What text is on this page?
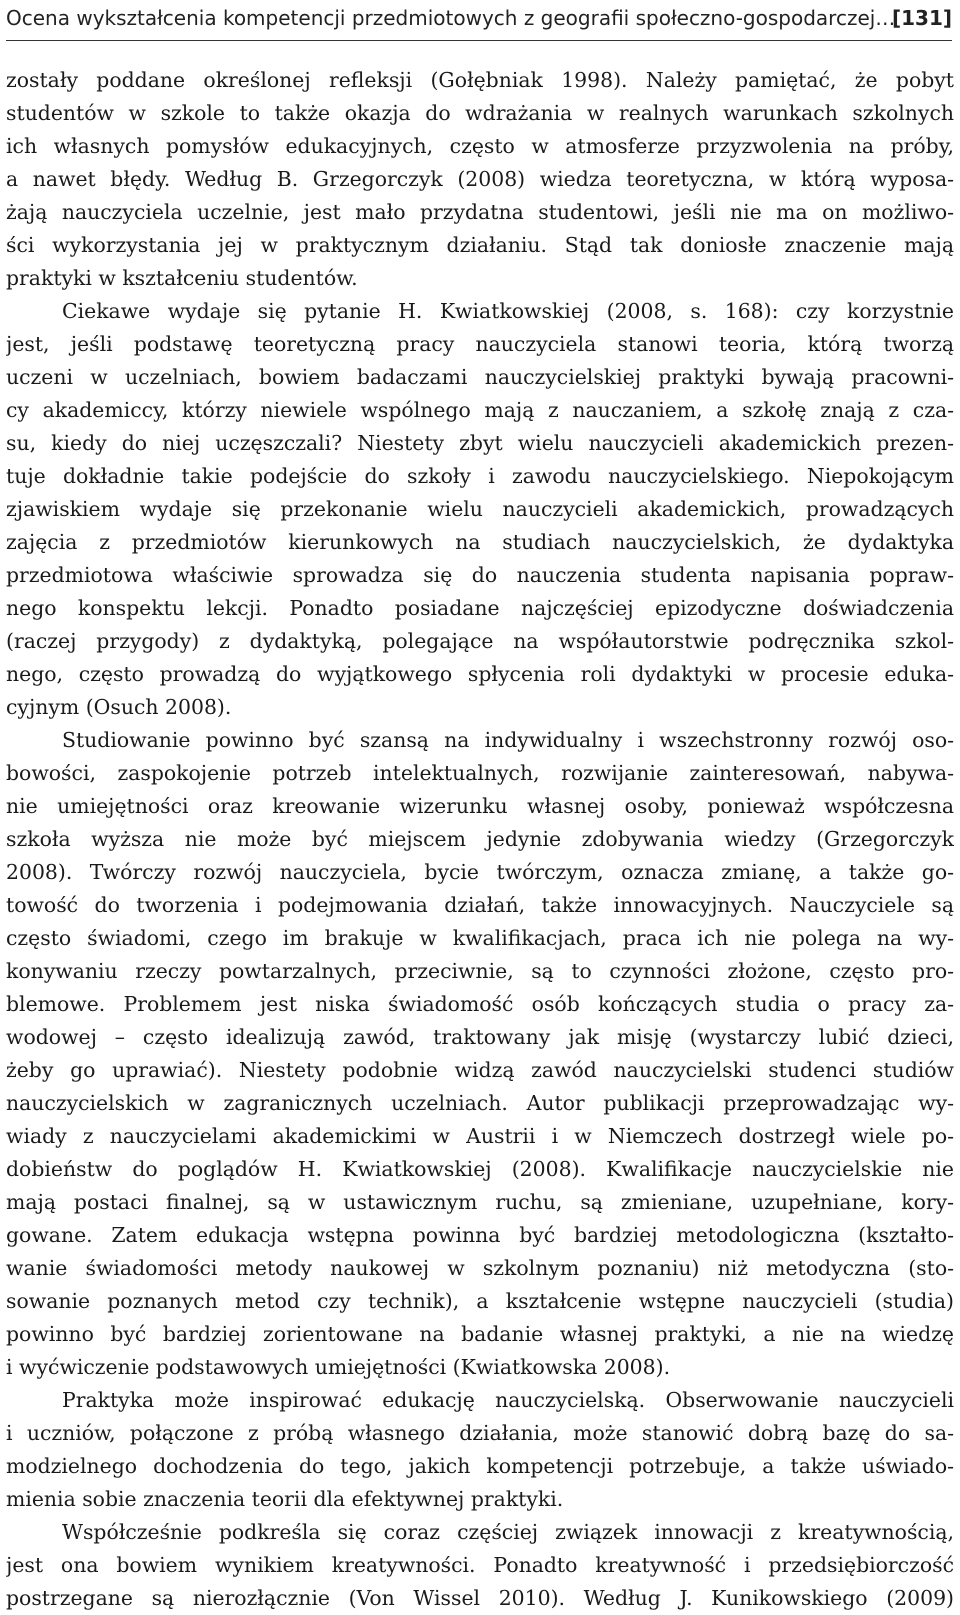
Ocena wykształcenia kompetencji przedmiotowych z geografii społeczno-gospodarczej…
[131]
zostały poddane określonej refleksji (Gołębniak 1998). Należy pamiętać, że pobyt
studentów w szkole to także okazja do wdrażania w realnych warunkach szkolnych
ich własnych pomysłów edukacyjnych, często w atmosferze przyzwolenia na próby,
a nawet błędy. Według B. Grzegorczyk (2008) wiedza teoretyczna, w którą wyposa-
żają nauczyciela uczelnie, jest mało przydatna studentowi, jeśli nie ma on możliwo-
ści wykorzystania jej w praktycznym działaniu. Stąd tak doniosłe znaczenie mają
praktyki w kształceniu studentów.
Ciekawe wydaje się pytanie H. Kwiatkowskiej (2008, s. 168): czy korzystnie
jest, jeśli podstawę teoretyczną pracy nauczyciela stanowi teoria, którą tworzą
uczeni w uczelniach, bowiem badaczami nauczycielskiej praktyki bywają pracowni-
cy akademiccy, którzy niewiele wspólnego mają z nauczaniem, a szkołę znają z cza-
su, kiedy do niej uczęszczali? Niestety zbyt wielu nauczycieli akademickich prezen-
tuje dokładnie takie podejście do szkoły i zawodu nauczycielskiego. Niepokojącym
zjawiskiem wydaje się przekonanie wielu nauczycieli akademickich, prowadzących
zajęcia z przedmiotów kierunkowych na studiach nauczycielskich, że dydaktyka
przedmiotowa właściwie sprowadza się do nauczenia studenta napisania popraw-
nego konspektu lekcji. Ponadto posiadane najczęściej epizodyczne doświadczenia
(raczej przygody) z dydaktyką, polegające na współautorstwie podręcznika szkol-
nego, często prowadzą do wyjątkowego spłycenia roli dydaktyki w procesie eduka-
cyjnym (Osuch 2008).
Studiowanie powinno być szansą na indywidualny i wszechstronny rozwój oso-
bowości, zaspokojenie potrzeb intelektualnych, rozwijanie zainteresowań, nabywa-
nie umiejętności oraz kreowanie wizerunku własnej osoby, ponieważ współczesna
szkoła wyższa nie może być miejscem jedynie zdobywania wiedzy (Grzegorczyk
2008). Twórczy rozwój nauczyciela, bycie twórczym, oznacza zmianę, a także go-
towość do tworzenia i podejmowania działań, także innowacyjnych. Nauczyciele są
często świadomi, czego im brakuje w kwalifikacjach, praca ich nie polega na wy-
konywaniu rzeczy powtarzalnych, przeciwnie, są to czynności złożone, często pro-
blemowe. Problemem jest niska świadomość osób kończących studia o pracy za-
wodowej – często idealizują zawód, traktowany jak misję (wystarczy lubić dzieci,
żeby go uprawiać). Niestety podobnie widzą zawód nauczycielski studenci studiów
nauczycielskich w zagranicznych uczelniach. Autor publikacji przeprowadzając wy-
wiady z nauczycielami akademickimi w Austrii i w Niemczech dostrzegł wiele po-
dobieństw do poglądów H. Kwiatkowskiej (2008). Kwalifikacje nauczycielskie nie
mają postaci finalnej, są w ustawicznym ruchu, są zmieniane, uzupełniane, kory-
gowane. Zatem edukacja wstępna powinna być bardziej metodologiczna (kształto-
wanie świadomości metody naukowej w szkolnym poznaniu) niż metodyczna (sto-
sowanie poznanych metod czy technik), a kształcenie wstępne nauczycieli (studia)
powinno być bardziej zorientowane na badanie własnej praktyki, a nie na wiedzę
i wyćwiczenie podstawowych umiejętności (Kwiatkowska 2008).
Praktyka może inspirować edukację nauczycielską. Obserwowanie nauczycieli
i uczniów, połączone z próbą własnego działania, może stanowić dobrą bazę do sa-
modzielnego dochodzenia do tego, jakich kompetencji potrzebuje, a także uświado-
mienia sobie znaczenia teorii dla efektywnej praktyki.
Współcześnie podkreśla się coraz częściej związek innowacji z kreatywnością,
jest ona bowiem wynikiem kreatywności. Ponadto kreatywność i przedsiębiorczość
postrzegane są nierozłącznie (Von Wissel 2010). Według J. Kunikowskiego (2009)
